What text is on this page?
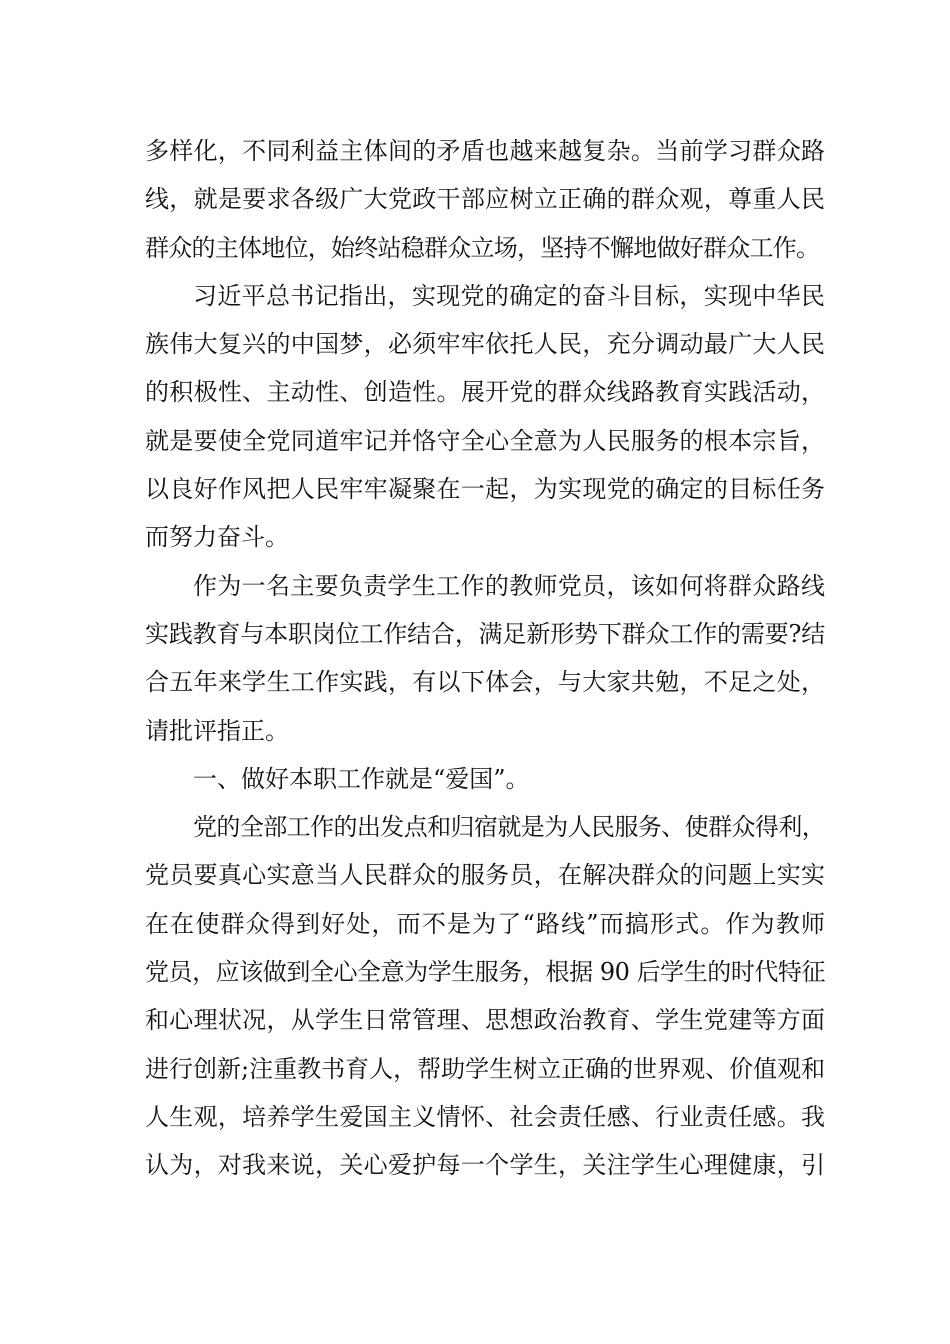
多样化，不同利益主体间的矛盾也越来越复杂。当前学习群众路
线，就是要求各级广大党政干部应树立正确的群众观，尊重人民
群众的主体地位，始终站稳群众立场，坚持不懈地做好群众工作。
习近平总书记指出，实现党的确定的奋斗目标，实现中华民
族伟大复兴的中国梦，必须牢牢依托人民，充分调动最广大人民
的积极性、主动性、创造性。展开党的群众线路教育实践活动，
就是要使全党同道牢记并恪守全心全意为人民服务的根本宗旨，
以良好作风把人民牢牢凝聚在一起，为实现党的确定的目标任务
而努力奋斗。
作为一名主要负责学生工作的教师党员，该如何将群众路线
实践教育与本职岗位工作结合，满足新形势下群众工作的需要?结
合五年来学生工作实践，有以下体会，与大家共勉，不足之处，
请批评指正。
一、做好本职工作就是“爱国”。
党的全部工作的出发点和归宿就是为人民服务、使群众得利，
党员要真心实意当人民群众的服务员，在解决群众的问题上实实
在在使群众得到好处，而不是为了“路线”而搞形式。作为教师
党员，应该做到全心全意为学生服务，根据 90 后学生的时代特征
和心理状况，从学生日常管理、思想政治教育、学生党建等方面
进行创新;注重教书育人，帮助学生树立正确的世界观、价值观和
人生观，培养学生爱国主义情怀、社会责任感、行业责任感。我
认为，对我来说，关心爱护每一个学生，关注学生心理健康，引
